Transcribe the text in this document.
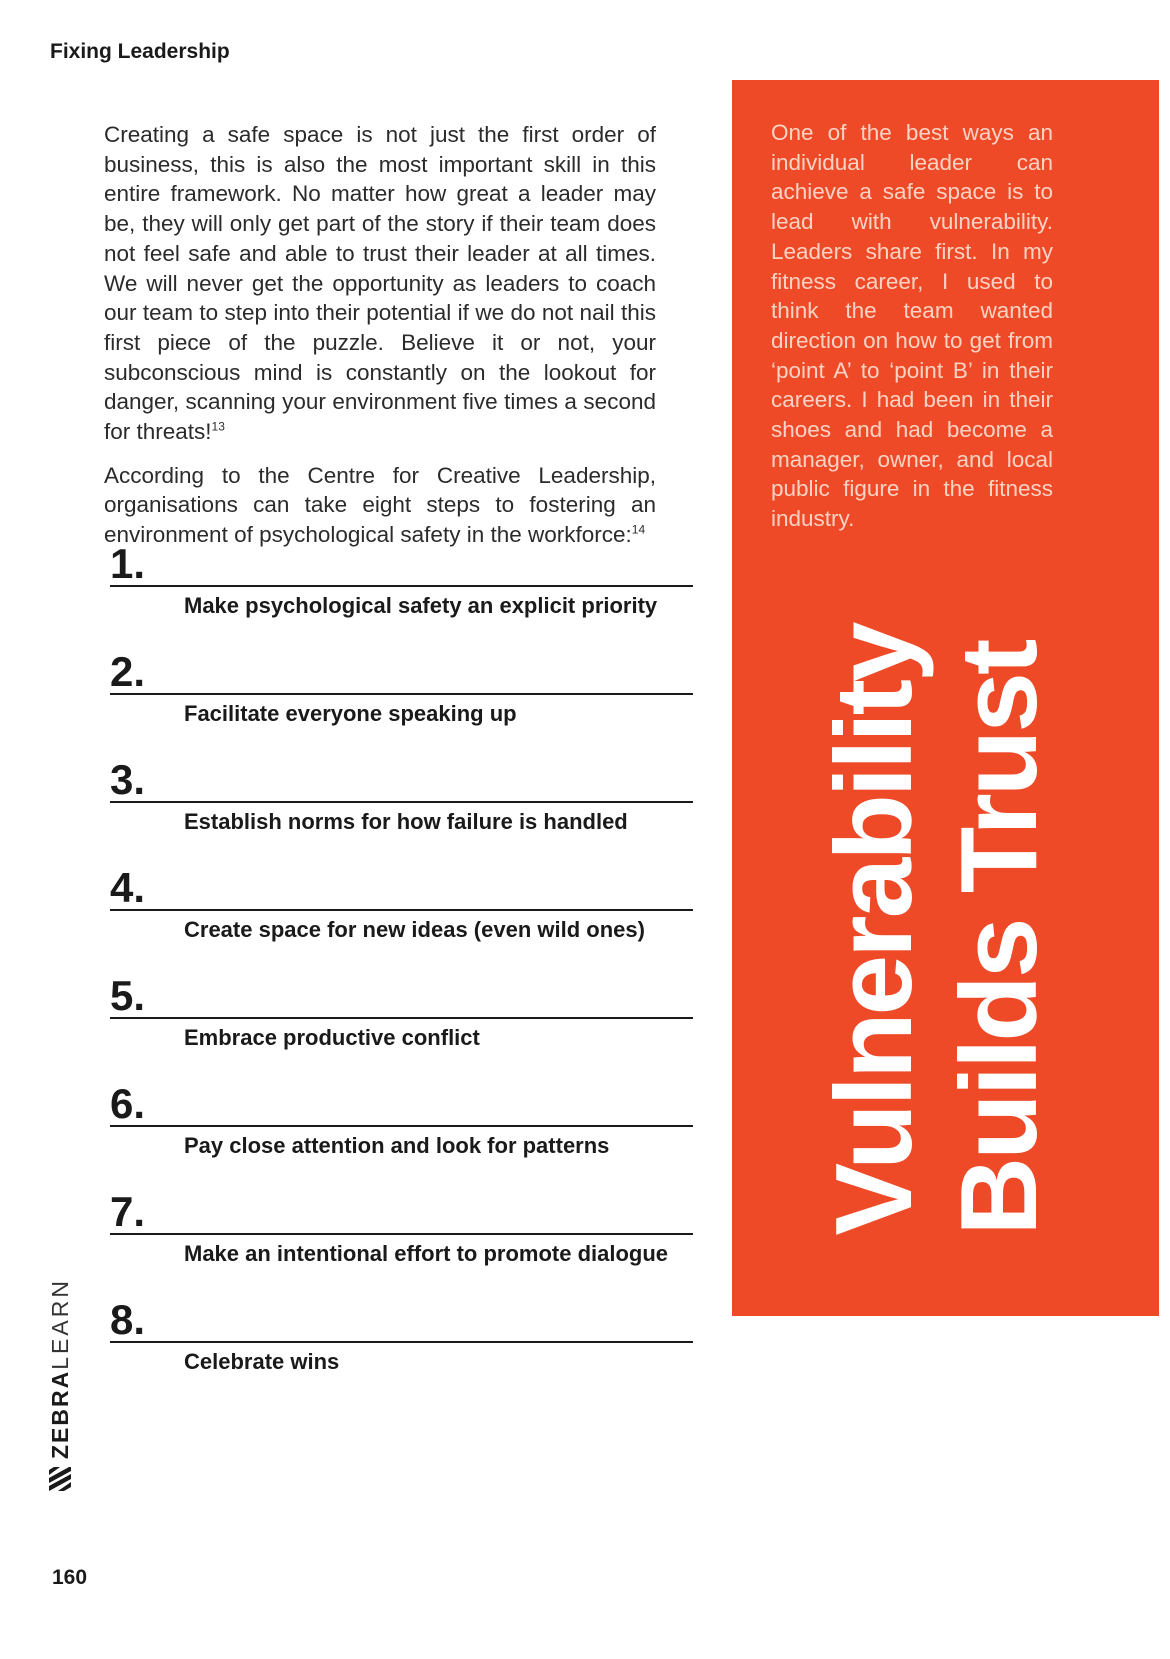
Fixing Leadership

Creating a safe space is not just the first order of business, this is also the most important skill in this entire framework. No matter how great a leader may be, they will only get part of the story if their team does not feel safe and able to trust their leader at all times. We will never get the opportunity as leaders to coach our team to step into their potential if we do not nail this first piece of the puzzle. Believe it or not, your subconscious mind is constantly on the lookout for danger, scanning your environment five times a second for threats!$^{13}$

According to the Centre for Creative Leadership, organisations can take eight steps to fostering an environment of psychological safety in the workforce:$^{14}$

1.
Make psychological safety an explicit priority
2.
Facilitate everyone speaking up
3.
Establish norms for how failure is handled
4.
Create space for new ideas (even wild ones)
5.
Embrace productive conflict
6.
Pay close attention and look for patterns
7.
Make an intentional effort to promote dialogue
8.
Celebrate wins
One of the best ways an individual leader can achieve a safe space is to lead with vulnerability. Leaders share first. In my fitness career, I used to think the team wanted direction on how to get from ‘point A’ to ‘point B’ in their careers. I had been in their shoes and had become a manager, owner, and local public figure in the fitness industry.
Vulnerability Builds Trust
ZEBRA
LEARN
160
